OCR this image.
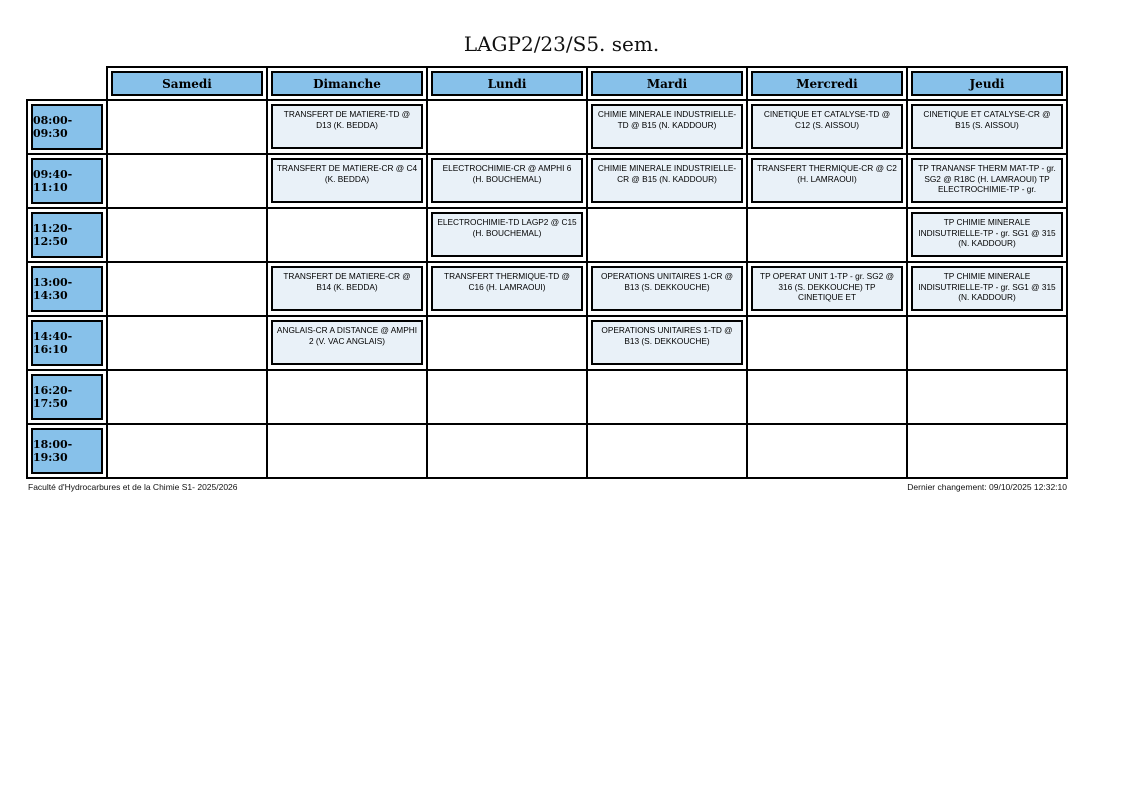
LAGP2/23/S5. sem.

Samedi	Dimanche	Lundi	Mardi	Mercredi	Jeudi

08:00-09:30		TRANSFERT DE MATIERE-TD @ D13 (K. BEDDA)		CHIMIE MINERALE INDUSTRIELLE-TD @ B15 (N. KADDOUR)	CINETIQUE ET CATALYSE-TD @ C12 (S. AISSOU)	CINETIQUE ET CATALYSE-CR @ B15 (S. AISSOU)

09:40-11:10		TRANSFERT DE MATIERE-CR @ C4 (K. BEDDA)	ELECTROCHIMIE-CR @ AMPHI 6 (H. BOUCHEMAL)	CHIMIE MINERALE INDUSTRIELLE-CR @ B15 (N. KADDOUR)	TRANSFERT THERMIQUE-CR @ C2 (H. LAMRAOUI)	TP TRANANSF THERM MAT-TP - gr. SG2 @ R18C (H. LAMRAOUI) TP ELECTROCHIMIE-TP - gr.

11:20-12:50			ELECTROCHIMIE-TD LAGP2 @ C15 (H. BOUCHEMAL)			TP CHIMIE MINERALE INDISUTRIELLE-TP - gr. SG1 @ 315 (N. KADDOUR)

13:00-14:30		TRANSFERT DE MATIERE-CR @ B14 (K. BEDDA)	TRANSFERT THERMIQUE-TD @ C16 (H. LAMRAOUI)	OPERATIONS UNITAIRES 1-CR @ B13 (S. DEKKOUCHE)	TP OPERAT UNIT 1-TP - gr. SG2 @ 316 (S. DEKKOUCHE) TP CINETIQUE ET	TP CHIMIE MINERALE INDISUTRIELLE-TP - gr. SG1 @ 315 (N. KADDOUR)

14:40-16:10		ANGLAIS-CR A DISTANCE @ AMPHI 2 (V. VAC ANGLAIS)		OPERATIONS UNITAIRES 1-TD @ B13 (S. DEKKOUCHE)		

16:20-17:50						

18:00-19:30						

Faculté d'Hydrocarbures et de la Chimie S1- 2025/2026	Dernier changement: 09/10/2025 12:32:10
